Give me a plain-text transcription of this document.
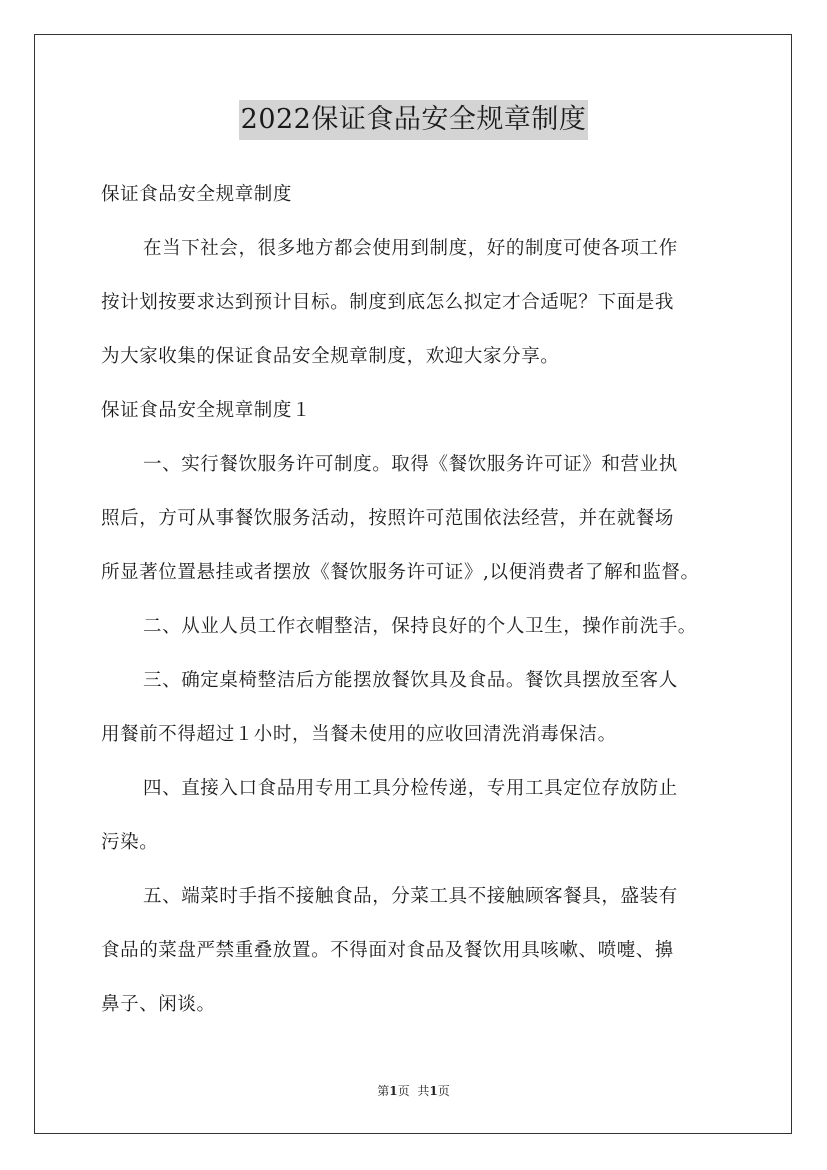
2022保证食品安全规章制度
保证食品安全规章制度
在当下社会，很多地方都会使用到制度，好的制度可使各项工作
按计划按要求达到预计目标。制度到底怎么拟定才合适呢？下面是我
为大家收集的保证食品安全规章制度，欢迎大家分享。
保证食品安全规章制度１
一、实行餐饮服务许可制度。取得《餐饮服务许可证》和营业执
照后，方可从事餐饮服务活动，按照许可范围依法经营，并在就餐场
所显著位置悬挂或者摆放《餐饮服务许可证》,以便消费者了解和监督。
二、从业人员工作衣帽整洁，保持良好的个人卫生，操作前洗手。
三、确定桌椅整洁后方能摆放餐饮具及食品。餐饮具摆放至客人
用餐前不得超过１小时，当餐未使用的应收回清洗消毒保洁。
四、直接入口食品用专用工具分检传递，专用工具定位存放防止
污染。
五、端菜时手指不接触食品，分菜工具不接触顾客餐具，盛装有
食品的菜盘严禁重叠放置。不得面对食品及餐饮用具咳嗽、喷嚏、擤
鼻子、闲谈。
第1页 共1页
